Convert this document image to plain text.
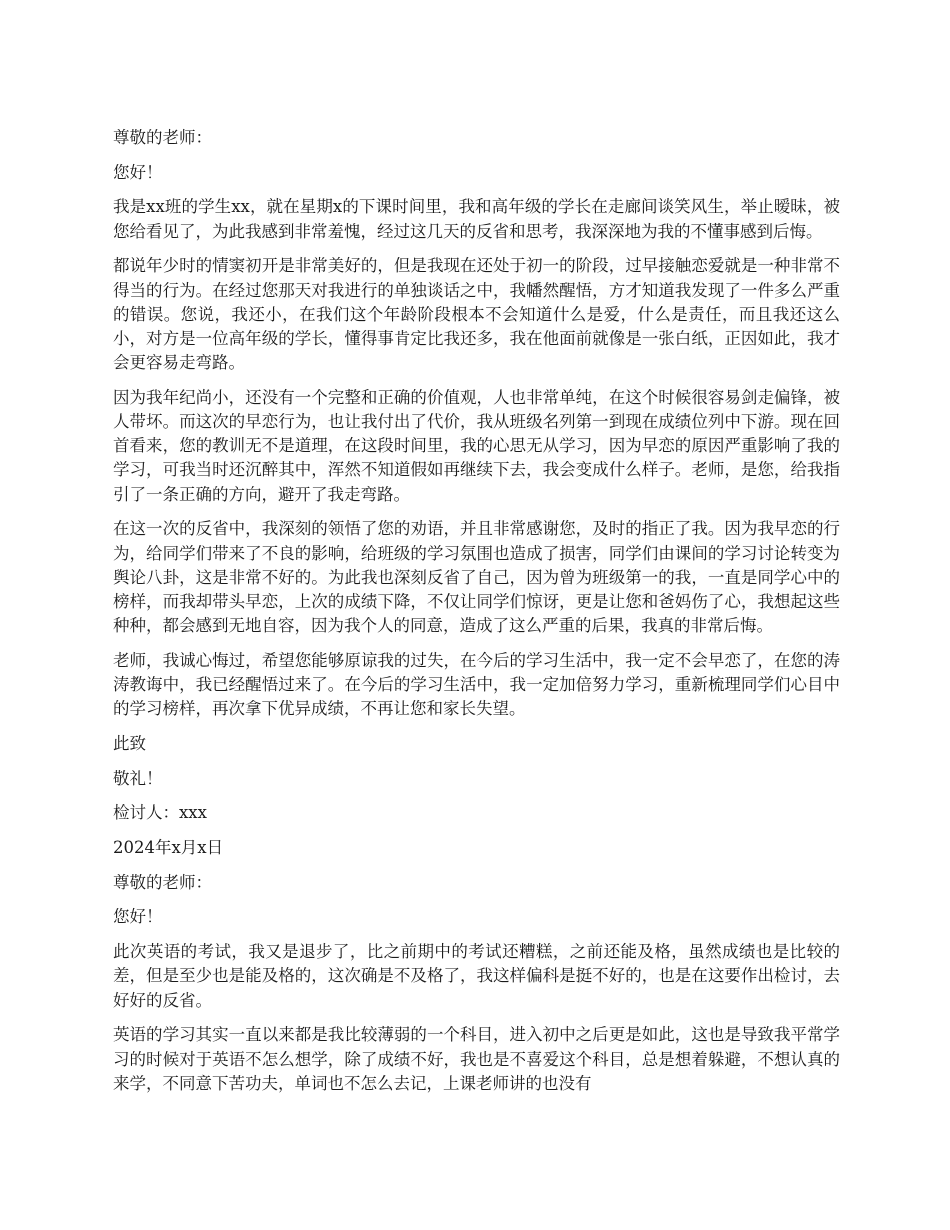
尊敬的老师：

您好！

我是xx班的学生xx，就在星期x的下课时间里，我和高年级的学长在走廊间谈笑风生，举止暧昧，被您给看见了，为此我感到非常羞愧，经过这几天的反省和思考，我深深地为我的不懂事感到后悔。

都说年少时的情窦初开是非常美好的，但是我现在还处于初一的阶段，过早接触恋爱就是一种非常不得当的行为。在经过您那天对我进行的单独谈话之中，我幡然醒悟，方才知道我发现了一件多么严重的错误。您说，我还小，在我们这个年龄阶段根本不会知道什么是爱，什么是责任，而且我还这么小，对方是一位高年级的学长，懂得事肯定比我还多，我在他面前就像是一张白纸，正因如此，我才会更容易走弯路。

因为我年纪尚小，还没有一个完整和正确的价值观，人也非常单纯，在这个时候很容易剑走偏锋，被人带坏。而这次的早恋行为，也让我付出了代价，我从班级名列第一到现在成绩位列中下游。现在回首看来，您的教训无不是道理，在这段时间里，我的心思无从学习，因为早恋的原因严重影响了我的学习，可我当时还沉醉其中，浑然不知道假如再继续下去，我会变成什么样子。老师，是您，给我指引了一条正确的方向，避开了我走弯路。

在这一次的反省中，我深刻的领悟了您的劝语，并且非常感谢您，及时的指正了我。因为我早恋的行为，给同学们带来了不良的影响，给班级的学习氛围也造成了损害，同学们由课间的学习讨论转变为舆论八卦，这是非常不好的。为此我也深刻反省了自己，因为曾为班级第一的我，一直是同学心中的榜样，而我却带头早恋，上次的成绩下降，不仅让同学们惊讶，更是让您和爸妈伤了心，我想起这些种种，都会感到无地自容，因为我个人的同意，造成了这么严重的后果，我真的非常后悔。

老师，我诚心悔过，希望您能够原谅我的过失，在今后的学习生活中，我一定不会早恋了，在您的涛涛教诲中，我已经醒悟过来了。在今后的学习生活中，我一定加倍努力学习，重新梳理同学们心目中的学习榜样，再次拿下优异成绩，不再让您和家长失望。

此致

敬礼！

检讨人：xxx

2024年x月x日

尊敬的老师：

您好！

此次英语的考试，我又是退步了，比之前期中的考试还糟糕，之前还能及格，虽然成绩也是比较的差，但是至少也是能及格的，这次确是不及格了，我这样偏科是挺不好的，也是在这要作出检讨，去好好的反省。

英语的学习其实一直以来都是我比较薄弱的一个科目，进入初中之后更是如此，这也是导致我平常学习的时候对于英语不怎么想学，除了成绩不好，我也是不喜爱这个科目，总是想着躲避，不想认真的来学，不同意下苦功夫，单词也不怎么去记，上课老师讲的也没有
